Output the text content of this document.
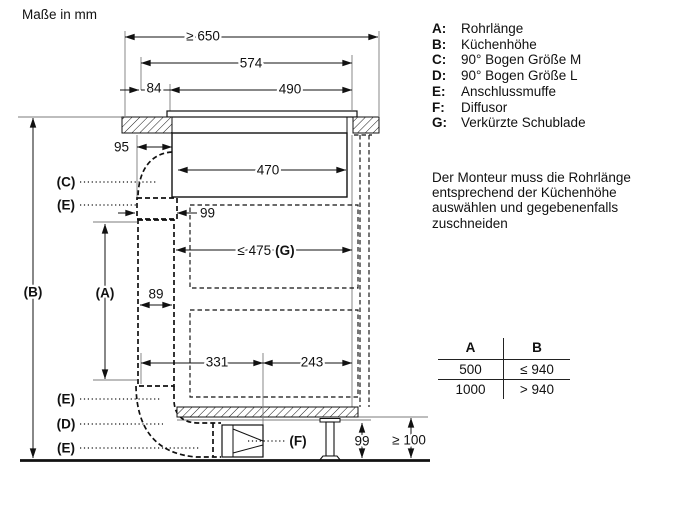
Maße in mm
(C)
(E)
(E)
(D)
(E)	(F)
≥ 650
574
84	490
95
470
99
≤ 475 (G)
89
(A)
(B)
331	243
99 ≥ 100
A:	Rohrlänge
B:	Küchenhöhe
C:	90° Bogen Größe M
D:	90° Bogen Größe L
E:	Anschlussmuffe
F:	Diffusor
G:	Verkürzte Schublade
Der Monteur muss die Rohrlänge entsprechend der Küchenhöhe auswählen und gegebenenfalls zuschneiden
A	B
500	≤ 940
1000	> 940
